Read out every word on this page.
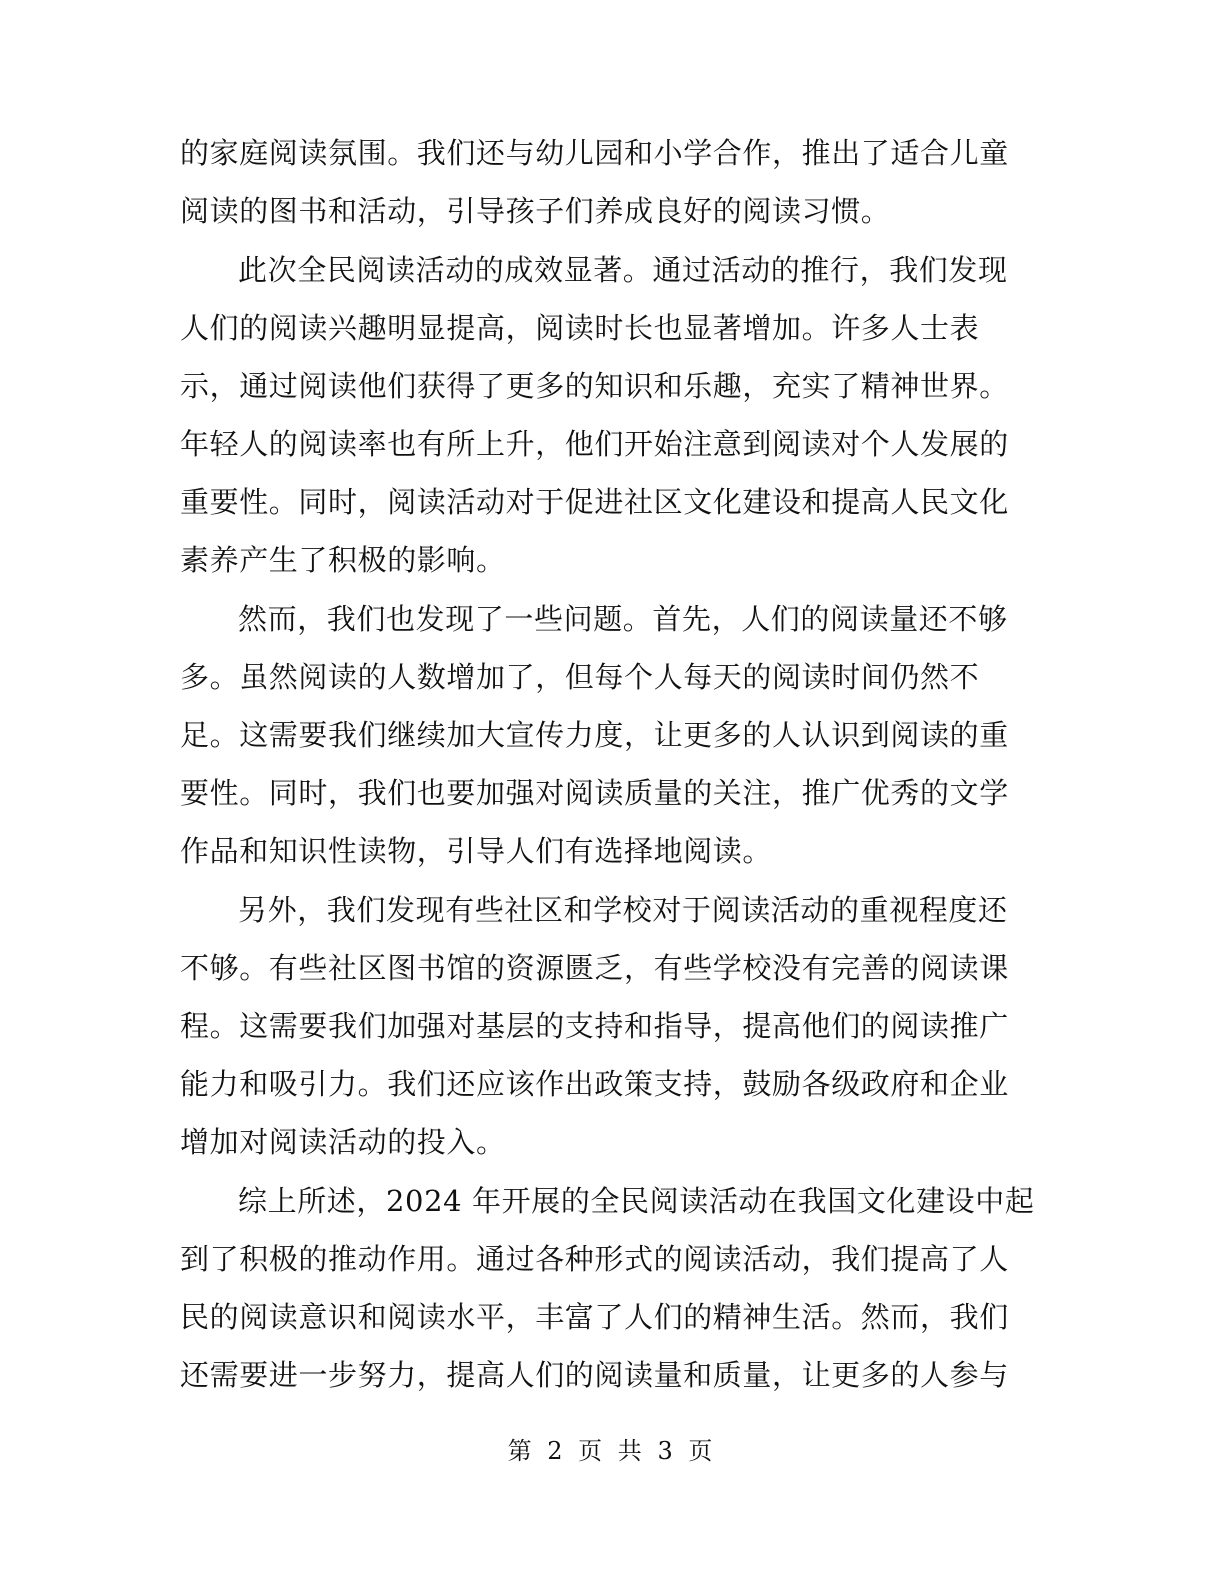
的家庭阅读氛围。我们还与幼儿园和小学合作，推出了适合儿童
阅读的图书和活动，引导孩子们养成良好的阅读习惯。
此次全民阅读活动的成效显著。通过活动的推行，我们发现
人们的阅读兴趣明显提高，阅读时长也显著增加。许多人士表
示，通过阅读他们获得了更多的知识和乐趣，充实了精神世界。
年轻人的阅读率也有所上升，他们开始注意到阅读对个人发展的
重要性。同时，阅读活动对于促进社区文化建设和提高人民文化
素养产生了积极的影响。
然而，我们也发现了一些问题。首先，人们的阅读量还不够
多。虽然阅读的人数增加了，但每个人每天的阅读时间仍然不
足。这需要我们继续加大宣传力度，让更多的人认识到阅读的重
要性。同时，我们也要加强对阅读质量的关注，推广优秀的文学
作品和知识性读物，引导人们有选择地阅读。
另外，我们发现有些社区和学校对于阅读活动的重视程度还
不够。有些社区图书馆的资源匮乏，有些学校没有完善的阅读课
程。这需要我们加强对基层的支持和指导，提高他们的阅读推广
能力和吸引力。我们还应该作出政策支持，鼓励各级政府和企业
增加对阅读活动的投入。
综上所述，2024 年开展的全民阅读活动在我国文化建设中起
到了积极的推动作用。通过各种形式的阅读活动，我们提高了人
民的阅读意识和阅读水平，丰富了人们的精神生活。然而，我们
还需要进一步努力，提高人们的阅读量和质量，让更多的人参与
第 2 页 共 3 页
